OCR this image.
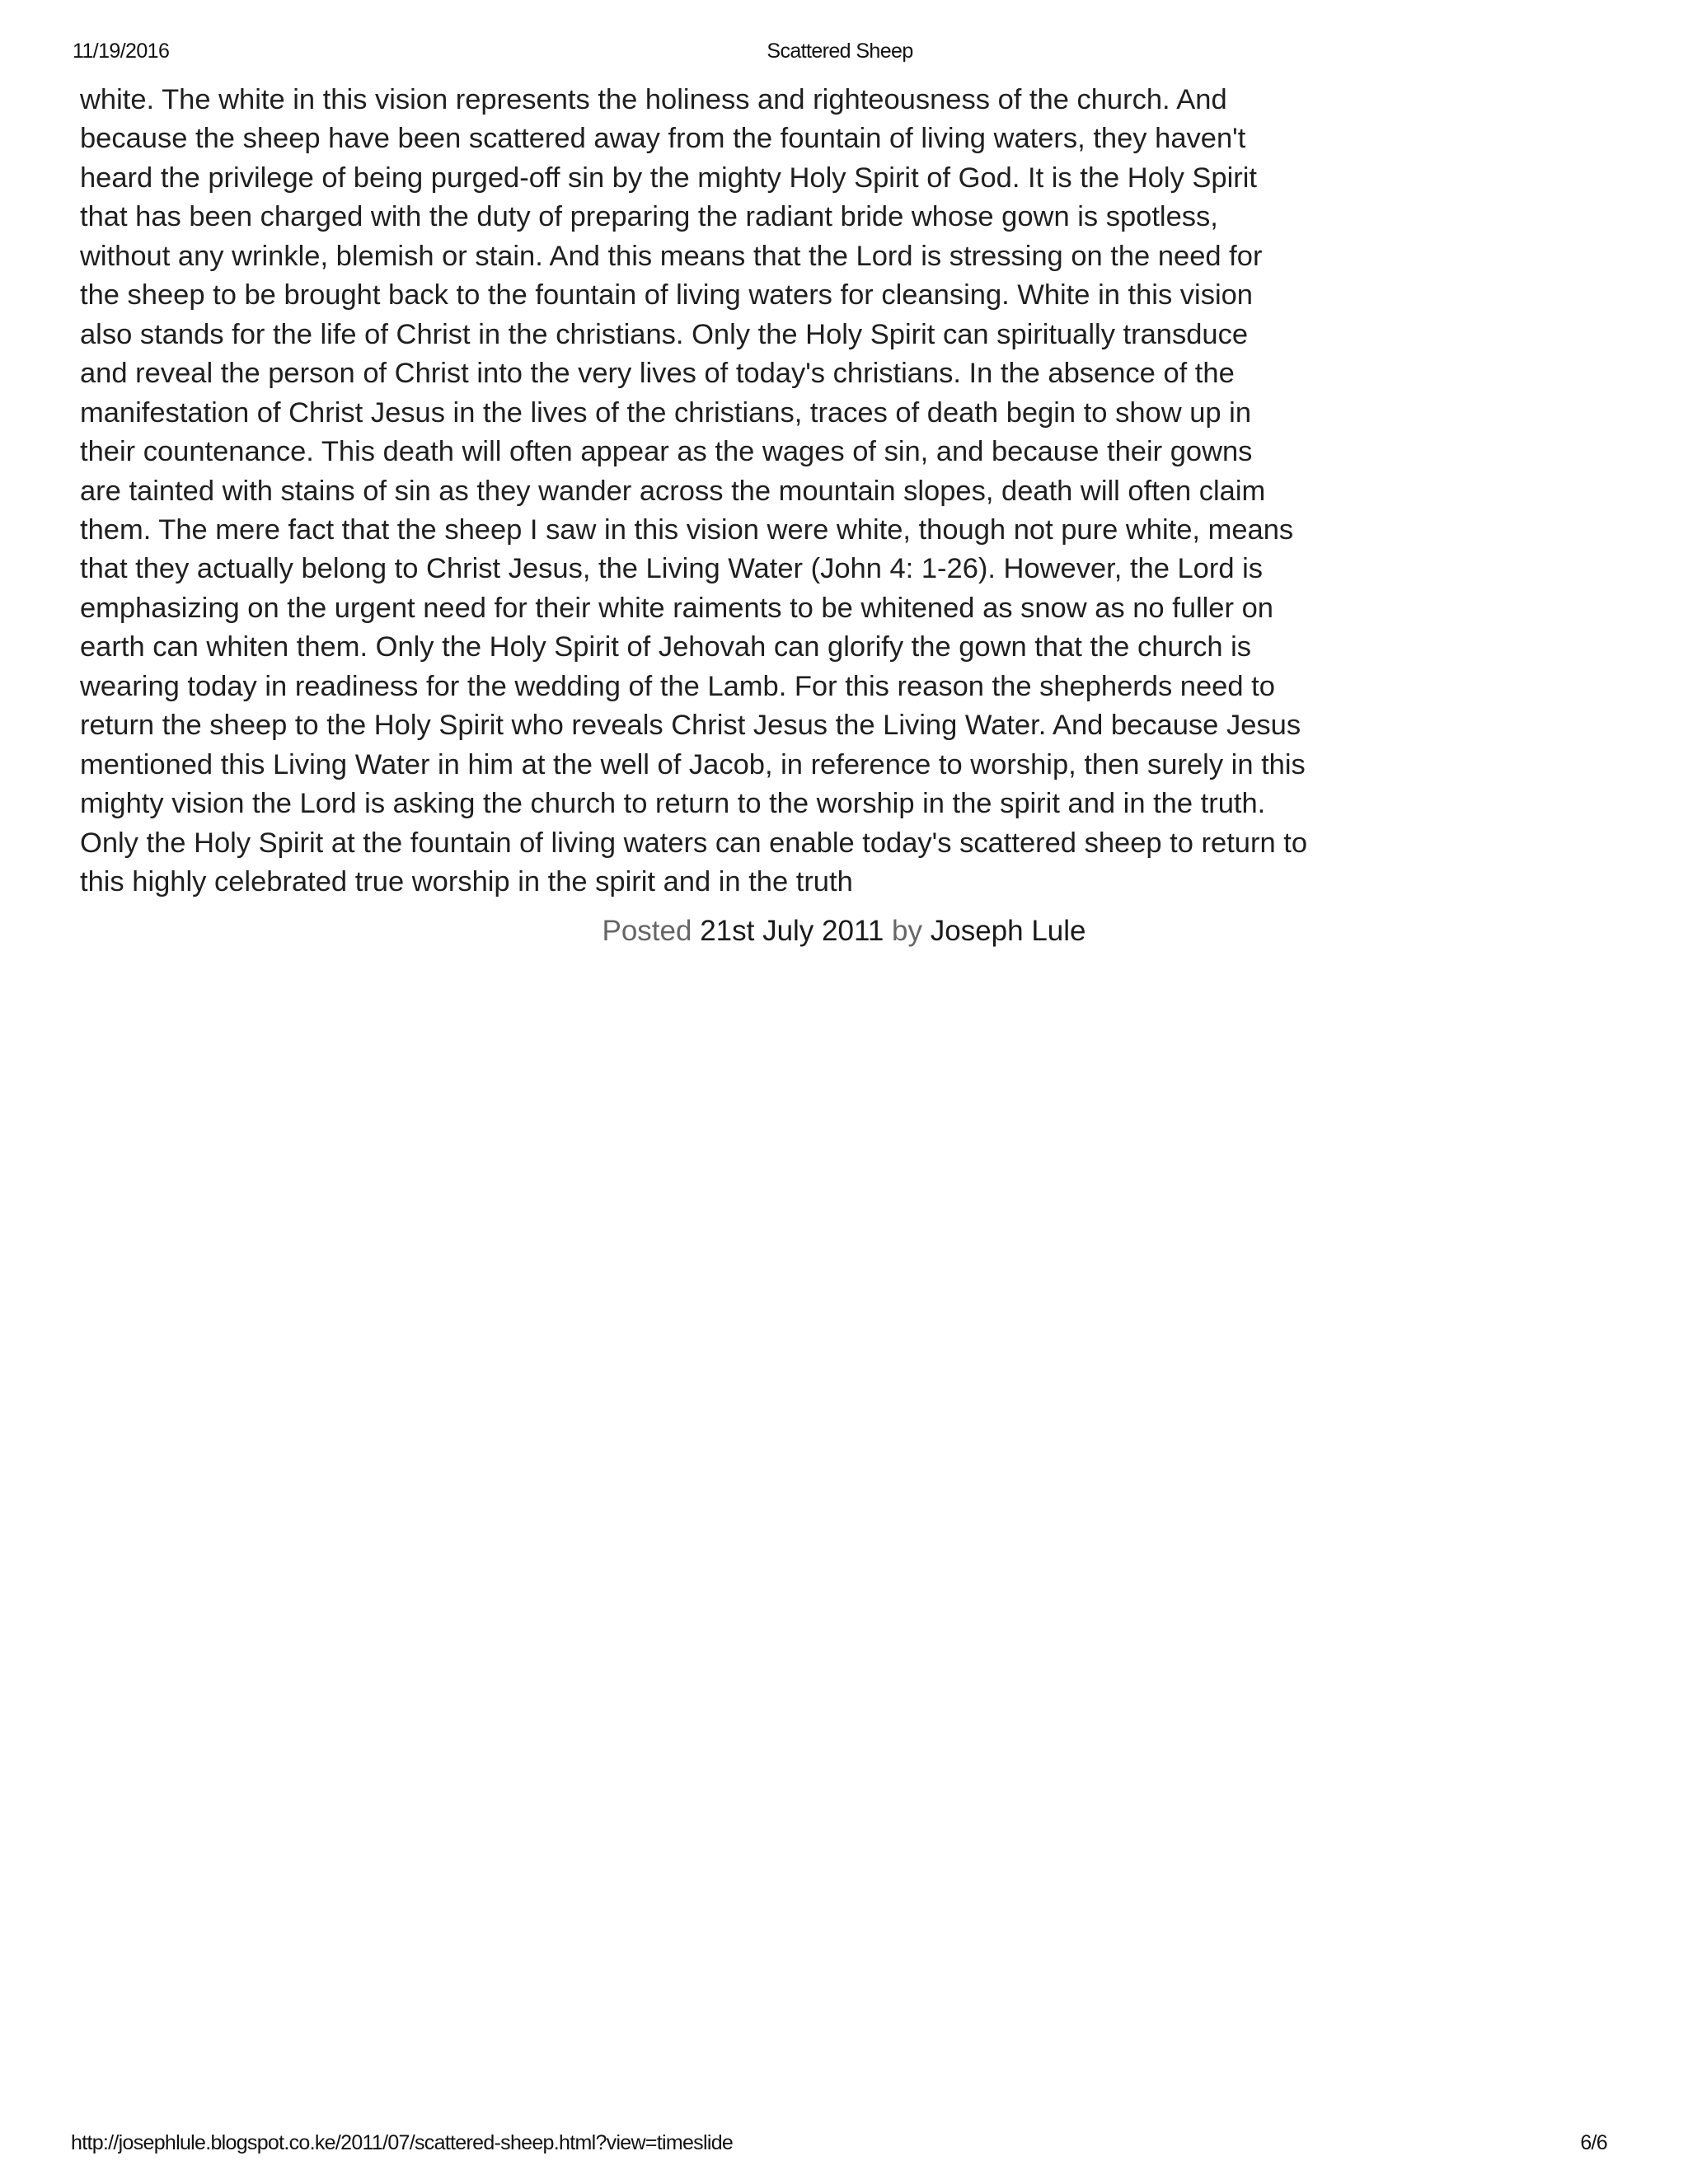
11/19/2016	Scattered Sheep
white. The white in this vision represents the holiness and righteousness of the church. And
because the sheep have been scattered away from the fountain of living waters, they haven't
heard the privilege of being purged-off sin by the mighty Holy Spirit of God. It is the Holy Spirit
that has been charged with the duty of preparing the radiant bride whose gown is spotless,
without any wrinkle, blemish or stain. And this means that the Lord is stressing on the need for
the sheep to be brought back to the fountain of living waters for cleansing. White in this vision
also stands for the life of Christ in the christians. Only the Holy Spirit can spiritually transduce
and reveal the person of Christ into the very lives of today's christians. In the absence of the
manifestation of Christ Jesus in the lives of the christians, traces of death begin to show up in
their countenance. This death will often appear as the wages of sin, and because their gowns
are tainted with stains of sin as they wander across the mountain slopes, death will often claim
them. The mere fact that the sheep I saw in this vision were white, though not pure white, means
that they actually belong to Christ Jesus, the Living Water (John 4: 1-26). However, the Lord is
emphasizing on the urgent need for their white raiments to be whitened as snow as no fuller on
earth can whiten them. Only the Holy Spirit of Jehovah can glorify the gown that the church is
wearing today in readiness for the wedding of the Lamb. For this reason the shepherds need to
return the sheep to the Holy Spirit who reveals Christ Jesus the Living Water. And because Jesus
mentioned this Living Water in him at the well of Jacob, in reference to worship, then surely in this
mighty vision the Lord is asking the church to return to the worship in the spirit and in the truth.
Only the Holy Spirit at the fountain of living waters can enable today's scattered sheep to return to
this highly celebrated true worship in the spirit and in the truth
Posted 21st July 2011 by Joseph Lule
http://josephlule.blogspot.co.ke/2011/07/scattered-sheep.html?view=timeslide	6/6
